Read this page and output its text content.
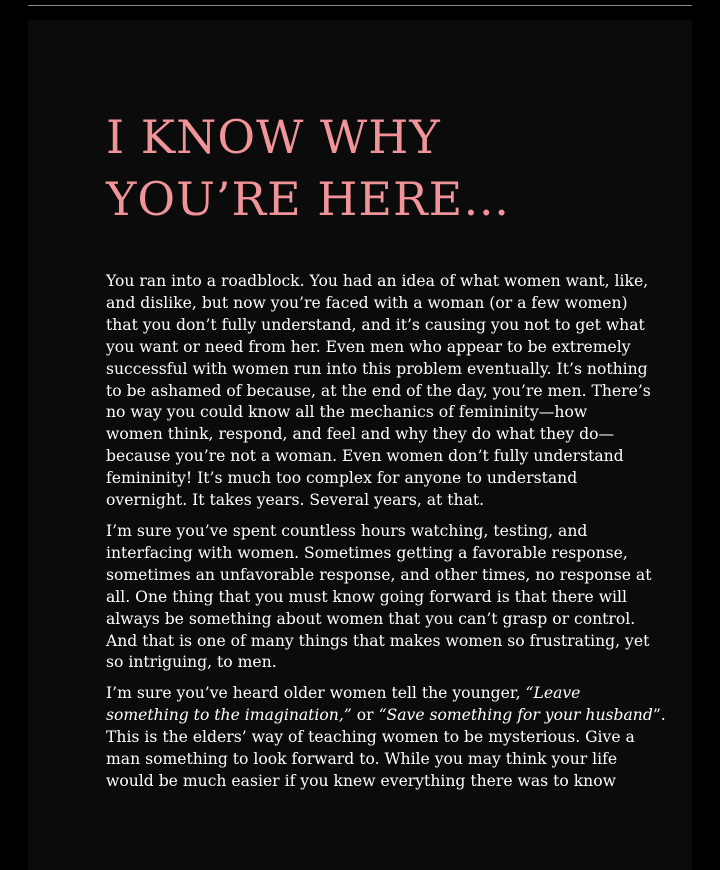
I KNOW WHY
YOU’RE HERE…

You ran into a roadblock. You had an idea of what women want, like,
and dislike, but now you’re faced with a woman (or a few women)
that you don’t fully understand, and it’s causing you not to get what
you want or need from her. Even men who appear to be extremely
successful with women run into this problem eventually. It’s nothing
to be ashamed of because, at the end of the day, you’re men. There’s
no way you could know all the mechanics of femininity—how
women think, respond, and feel and why they do what they do—
because you’re not a woman. Even women don’t fully understand
femininity! It’s much too complex for anyone to understand
overnight. It takes years. Several years, at that.

I’m sure you’ve spent countless hours watching, testing, and
interfacing with women. Sometimes getting a favorable response,
sometimes an unfavorable response, and other times, no response at
all. One thing that you must know going forward is that there will
always be something about women that you can’t grasp or control.
And that is one of many things that makes women so frustrating, yet
so intriguing, to men.

I’m sure you’ve heard older women tell the younger, “Leave
something to the imagination,” or “Save something for your husband”.
This is the elders’ way of teaching women to be mysterious. Give a
man something to look forward to. While you may think your life
would be much easier if you knew everything there was to know
